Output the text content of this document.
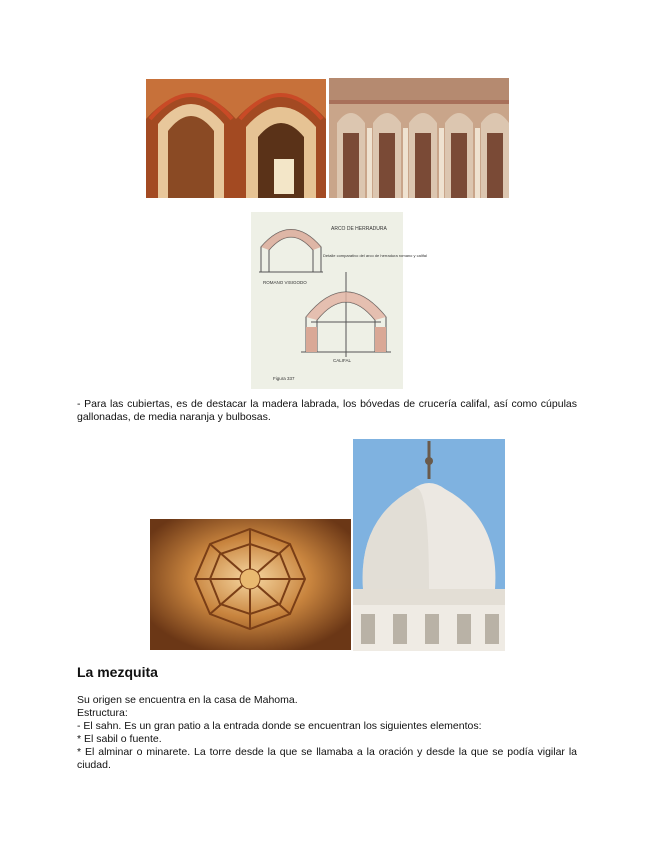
ARCO DE HERRADURA
Detalle comparativo del arco de herradura romano y califal
ROMANO VISIGODO
CALIFAL
Figura 337

- Para las cubiertas, es de destacar la madera labrada, los bóvedas de crucería califal, así como cúpulas gallonadas, de media naranja y bulbosas.

La mezquita
Su origen se encuentra en la casa de Mahoma.
Estructura:
- El sahn. Es un gran patio a la entrada donde se encuentran los siguientes elementos:
* El sabil o fuente.
* El alminar o minarete. La torre desde la que se llamaba a la oración y desde la que se podía vigilar la ciudad.
